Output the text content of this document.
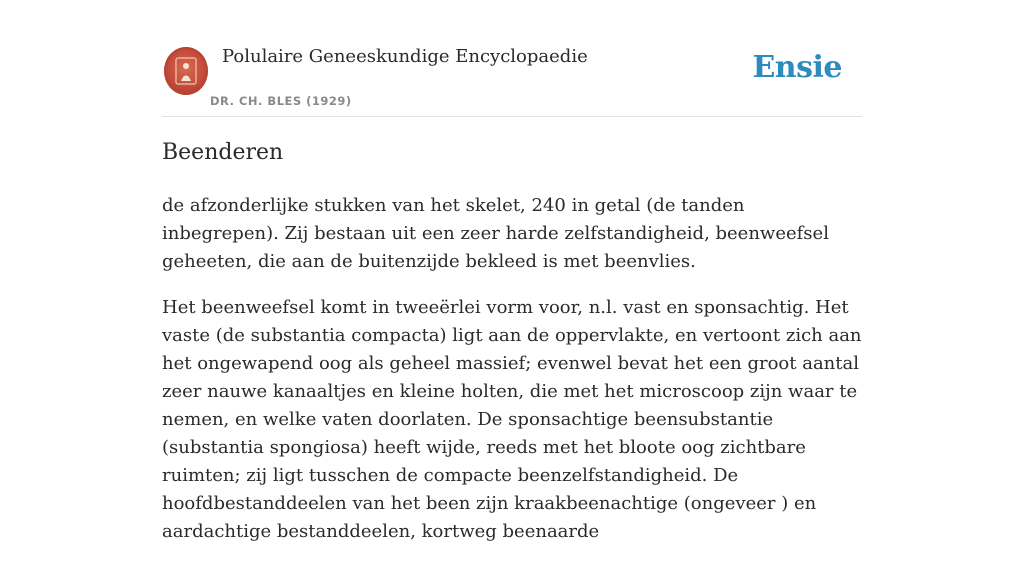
Polulaire Geneeskundige Encyclopaedie
DR. CH. BLES (1929)
Ensie
Beenderen

de afzonderlijke stukken van het skelet, 240 in getal (de tanden inbegrepen). Zij bestaan uit een zeer harde zelfstandigheid, beenweefsel geheeten, die aan de buitenzijde bekleed is met beenvlies.

Het beenweefsel komt in tweeërlei vorm voor, n.l. vast en sponsachtig. Het vaste (de substantia compacta) ligt aan de oppervlakte, en vertoont zich aan het ongewapend oog als geheel massief; evenwel bevat het een groot aantal zeer nauwe kanaaltjes en kleine holten, die met het microscoop zijn waar te nemen, en welke vaten doorlaten. De sponsachtige beensubstantie (substantia spongiosa) heeft wijde, reeds met het bloote oog zichtbare ruimten; zij ligt tusschen de compacte beenzelfstandigheid. De hoofdbestanddeelen van het been zijn kraakbeenachtige (ongeveer ) en aardachtige bestanddeelen, kortweg beenaarde
